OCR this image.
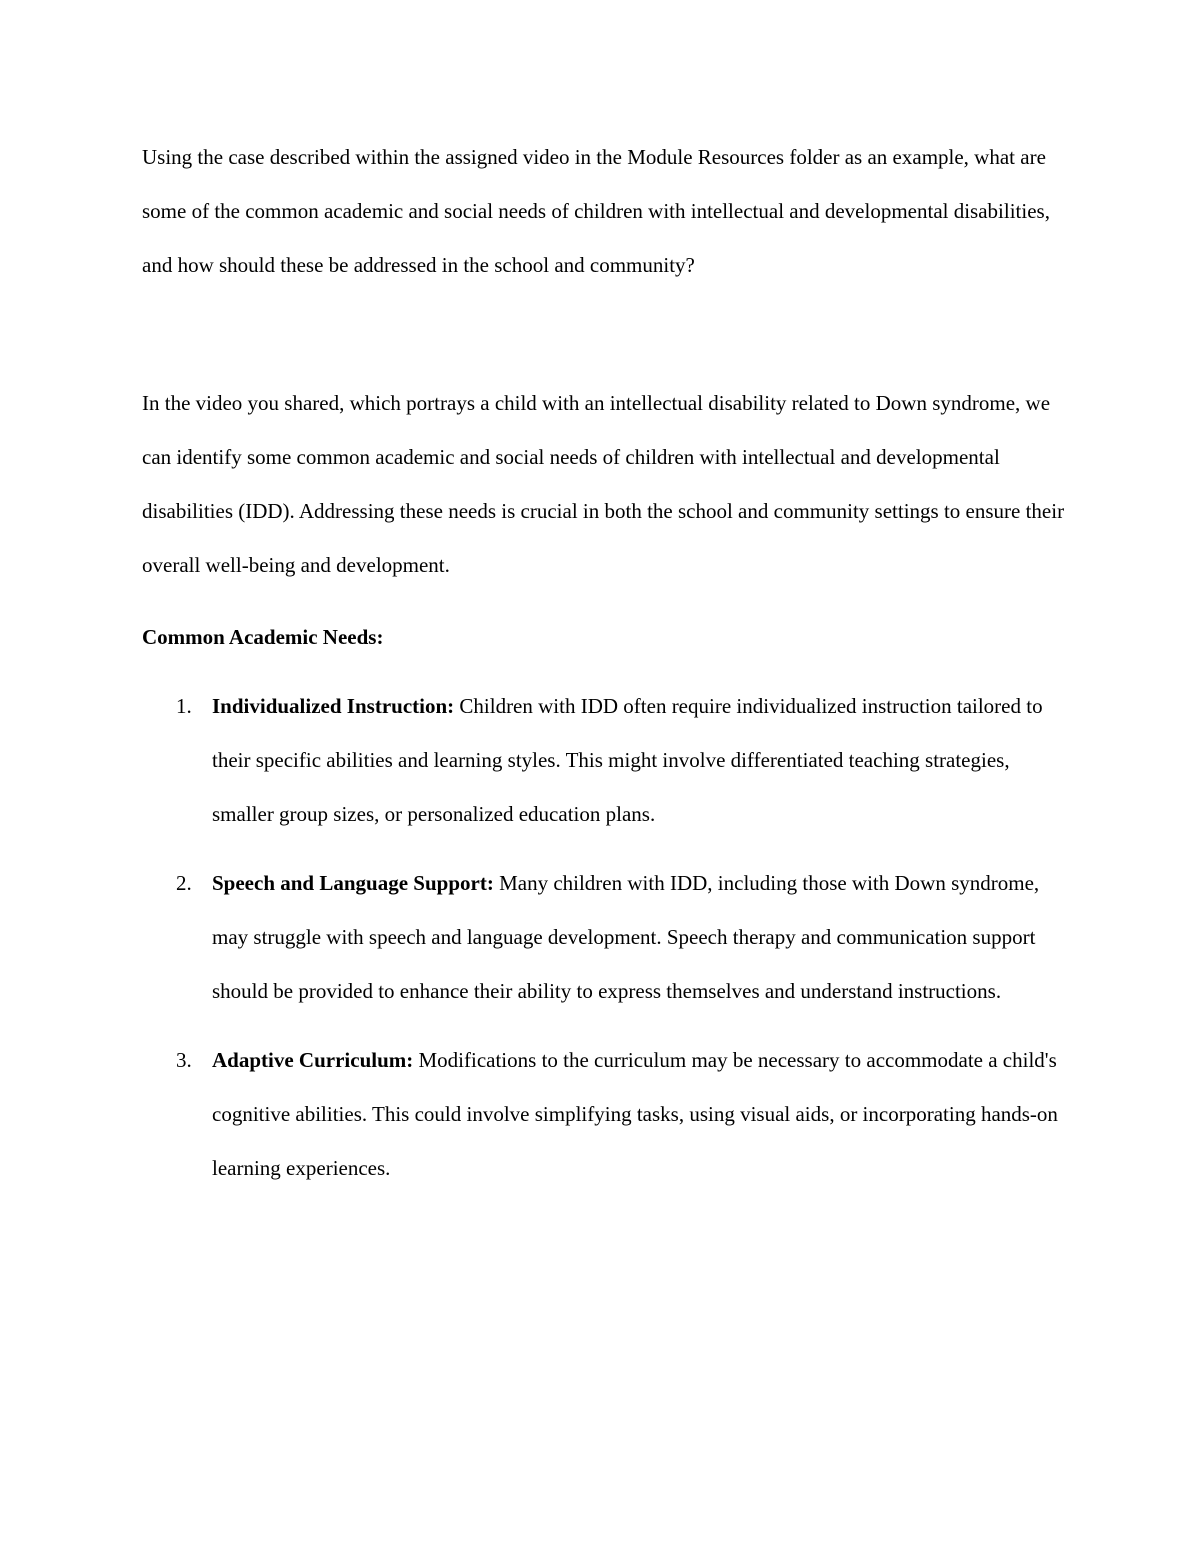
Using the case described within the assigned video in the Module Resources folder as an example, what are some of the common academic and social needs of children with intellectual and developmental disabilities, and how should these be addressed in the school and community?

In the video you shared, which portrays a child with an intellectual disability related to Down syndrome, we can identify some common academic and social needs of children with intellectual and developmental disabilities (IDD). Addressing these needs is crucial in both the school and community settings to ensure their overall well-being and development.

Common Academic Needs:

1. Individualized Instruction: Children with IDD often require individualized instruction tailored to their specific abilities and learning styles. This might involve differentiated teaching strategies, smaller group sizes, or personalized education plans.
2. Speech and Language Support: Many children with IDD, including those with Down syndrome, may struggle with speech and language development. Speech therapy and communication support should be provided to enhance their ability to express themselves and understand instructions.
3. Adaptive Curriculum: Modifications to the curriculum may be necessary to accommodate a child's cognitive abilities. This could involve simplifying tasks, using visual aids, or incorporating hands-on learning experiences.
